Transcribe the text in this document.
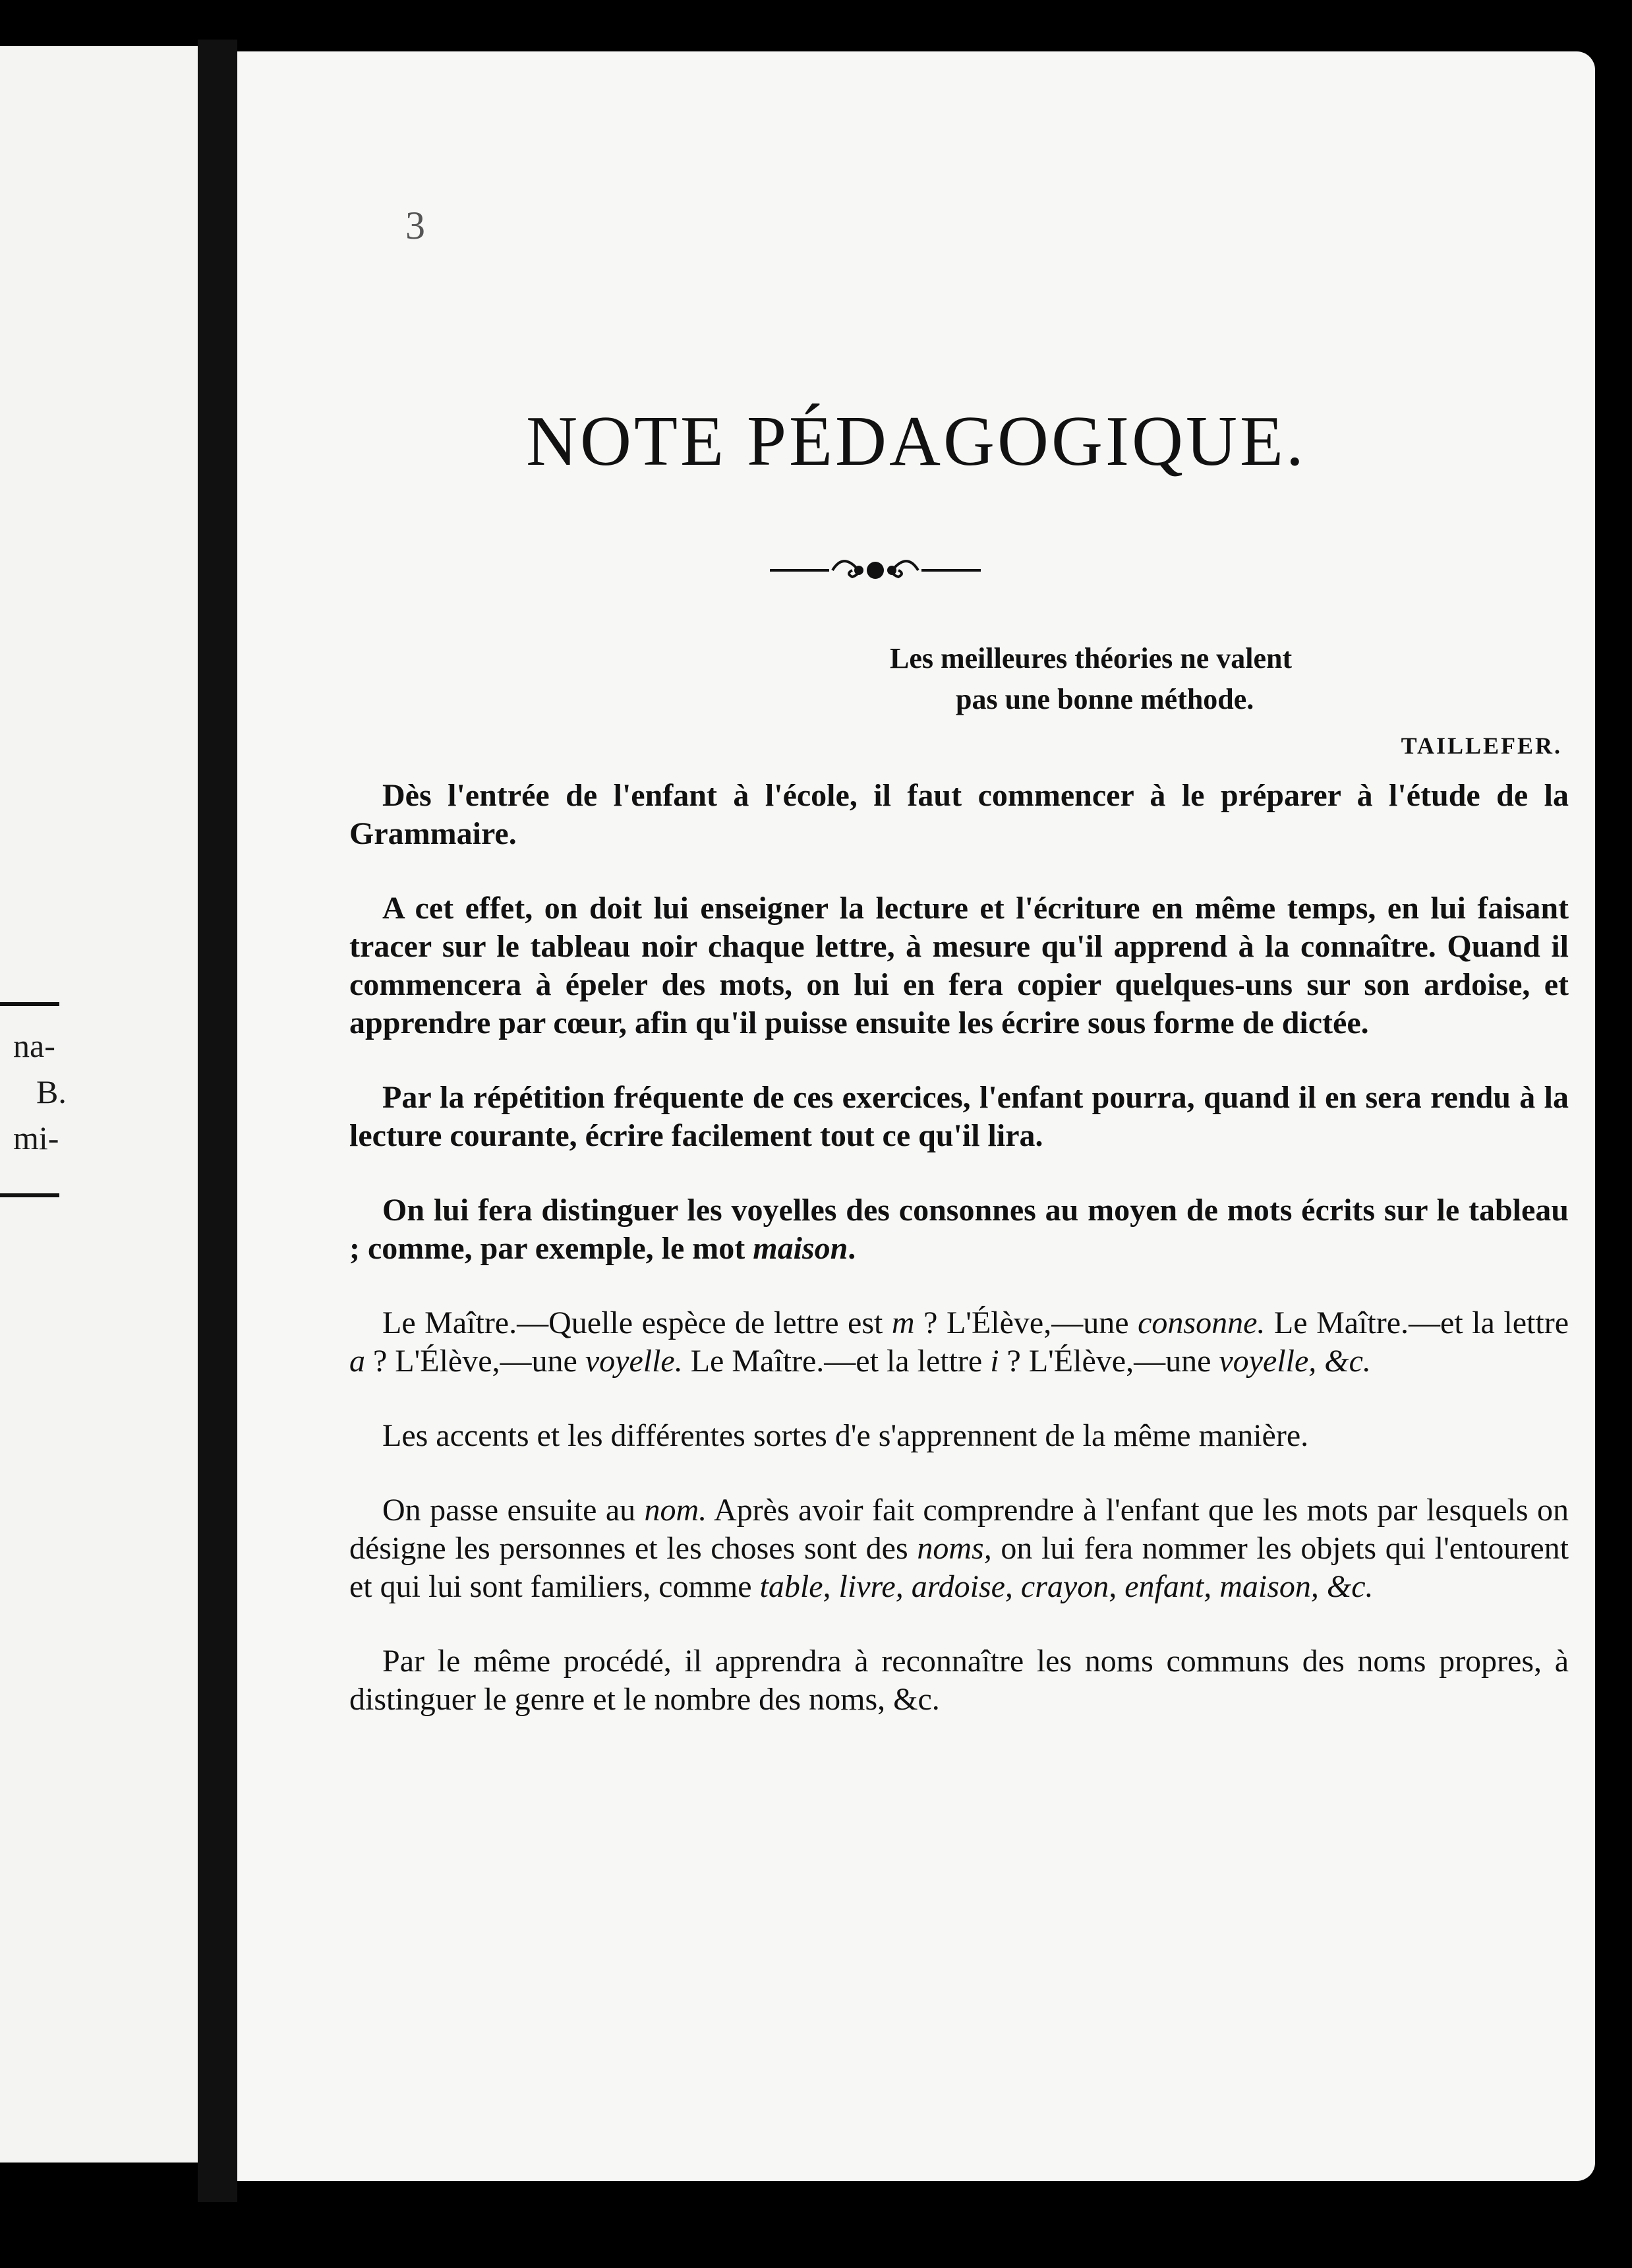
na-
B.
mi-
3
NOTE PÉDAGOGIQUE.
Les meilleures théories ne valent
pas une bonne méthode.
TAILLEFER.

Dès l'entrée de l'enfant à l'école, il faut commencer à le préparer à l'étude de la Grammaire.

A cet effet, on doit lui enseigner la lecture et l'écriture en même temps, en lui faisant tracer sur le tableau noir chaque lettre, à mesure qu'il apprend à la connaître. Quand il commencera à épeler des mots, on lui en fera copier quelques-uns sur son ardoise, et apprendre par cœur, afin qu'il puisse ensuite les écrire sous forme de dictée.

Par la répétition fréquente de ces exercices, l'enfant pourra, quand il en sera rendu à la lecture courante, écrire facilement tout ce qu'il lira.

On lui fera distinguer les voyelles des consonnes au moyen de mots écrits sur le tableau ; comme, par exemple, le mot maison.

Le Maître.—Quelle espèce de lettre est m ? L'Élève,—une consonne. Le Maître.—et la lettre a ? L'Élève,—une voyelle. Le Maître.—et la lettre i ? L'Élève,—une voyelle, &c.

Les accents et les différentes sortes d'e s'apprennent de la même manière.

On passe ensuite au nom. Après avoir fait comprendre à l'enfant que les mots par lesquels on désigne les personnes et les choses sont des noms, on lui fera nommer les objets qui l'entourent et qui lui sont familiers, comme table, livre, ardoise, crayon, enfant, maison, &c.

Par le même procédé, il apprendra à reconnaître les noms communs des noms propres, à distinguer le genre et le nombre des noms, &c.
